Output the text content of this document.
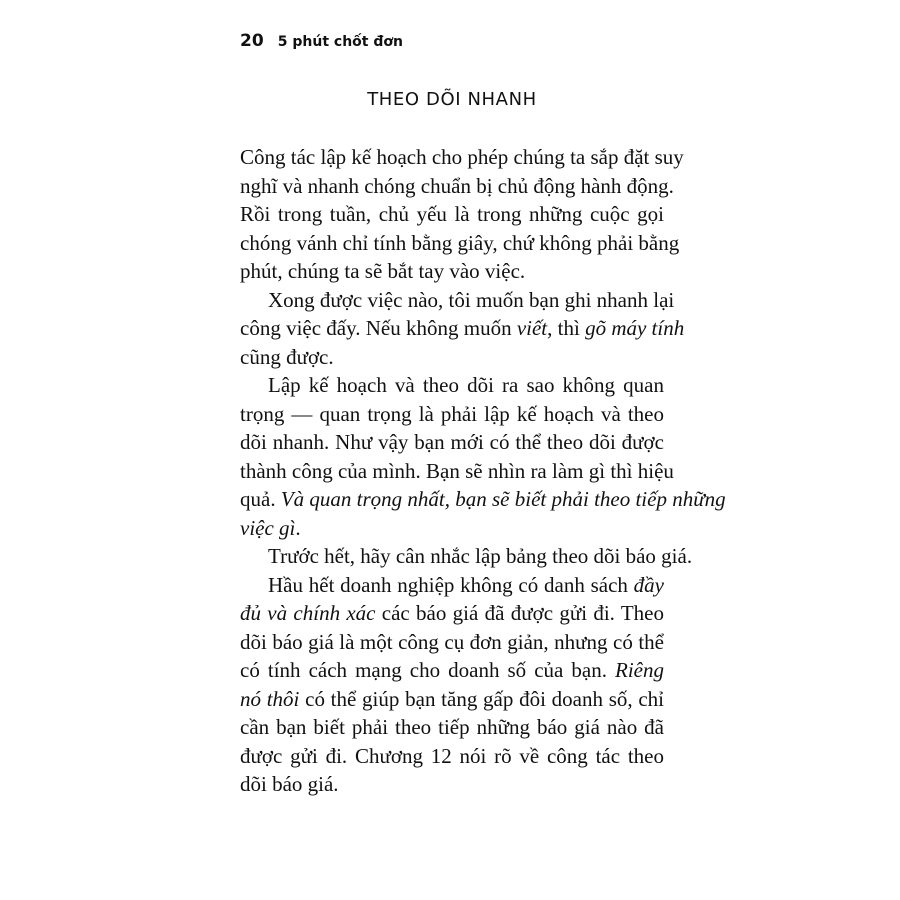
20 5 phút chốt đơn
THEO DÕI NHANH
Công tác lập kế hoạch cho phép chúng ta sắp đặt suy
nghĩ và nhanh chóng chuẩn bị chủ động hành động.
Rồi trong tuần, chủ yếu là trong những cuộc gọi
chóng vánh chỉ tính bằng giây, chứ không phải bằng
phút, chúng ta sẽ bắt tay vào việc.
Xong được việc nào, tôi muốn bạn ghi nhanh lại
công việc đấy. Nếu không muốn viết, thì gõ máy tính
cũng được.
Lập kế hoạch và theo dõi ra sao không quan
trọng — quan trọng là phải lập kế hoạch và theo
dõi nhanh. Như vậy bạn mới có thể theo dõi được
thành công của mình. Bạn sẽ nhìn ra làm gì thì hiệu
quả. Và quan trọng nhất, bạn sẽ biết phải theo tiếp những
việc gì.
Trước hết, hãy cân nhắc lập bảng theo dõi báo giá.
Hầu hết doanh nghiệp không có danh sách đầy
đủ và chính xác các báo giá đã được gửi đi. Theo
dõi báo giá là một công cụ đơn giản, nhưng có thể
có tính cách mạng cho doanh số của bạn. Riêng
nó thôi có thể giúp bạn tăng gấp đôi doanh số, chỉ
cần bạn biết phải theo tiếp những báo giá nào đã
được gửi đi. Chương 12 nói rõ về công tác theo
dõi báo giá.
